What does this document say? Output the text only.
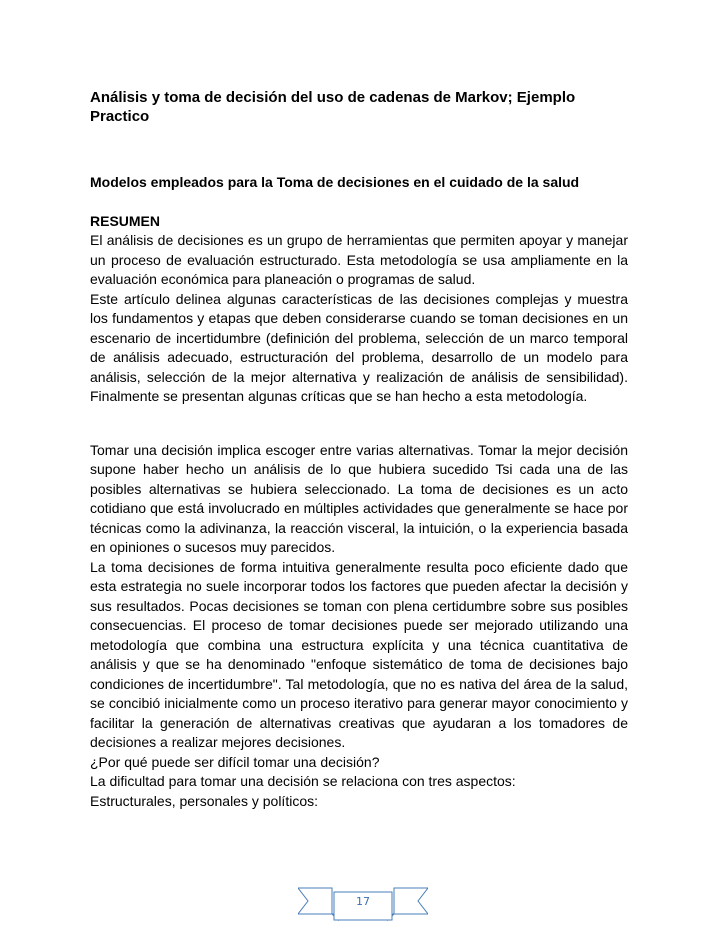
Análisis y toma de decisión del uso de cadenas de Markov; Ejemplo Practico
Modelos empleados para la Toma de decisiones en el cuidado de la salud
RESUMEN

El análisis de decisiones es un grupo de herramientas que permiten apoyar y manejar un proceso de evaluación estructurado. Esta metodología se usa ampliamente en la evaluación económica para planeación o programas de salud.

Este artículo delinea algunas características de las decisiones complejas y muestra los fundamentos y etapas que deben considerarse cuando se toman decisiones en un escenario de incertidumbre (definición del problema, selección de un marco temporal de análisis adecuado, estructuración del problema, desarrollo de un modelo para análisis, selección de la mejor alternativa y realización de análisis de sensibilidad). Finalmente se presentan algunas críticas que se han hecho a esta metodología.

Tomar una decisión implica escoger entre varias alternativas. Tomar la mejor decisión supone haber hecho un análisis de lo que hubiera sucedido Tsi cada una de las posibles alternativas se hubiera seleccionado. La toma de decisiones es un acto cotidiano que está involucrado en múltiples actividades que generalmente se hace por técnicas como la adivinanza, la reacción visceral, la intuición, o la experiencia basada en opiniones o sucesos muy parecidos.

La toma decisiones de forma intuitiva generalmente resulta poco eficiente dado que esta estrategia no suele incorporar todos los factores que pueden afectar la decisión y sus resultados. Pocas decisiones se toman con plena certidumbre sobre sus posibles consecuencias. El proceso de tomar decisiones puede ser mejorado utilizando una metodología que combina una estructura explícita y una técnica cuantitativa de análisis y que se ha denominado "enfoque sistemático de toma de decisiones bajo condiciones de incertidumbre". Tal metodología, que no es nativa del área de la salud, se concibió inicialmente como un proceso iterativo para generar mayor conocimiento y facilitar la generación de alternativas creativas que ayudaran a los tomadores de decisiones a realizar mejores decisiones.

¿Por qué puede ser difícil tomar una decisión?

La dificultad para tomar una decisión se relaciona con tres aspectos:

Estructurales, personales y políticos:

17
